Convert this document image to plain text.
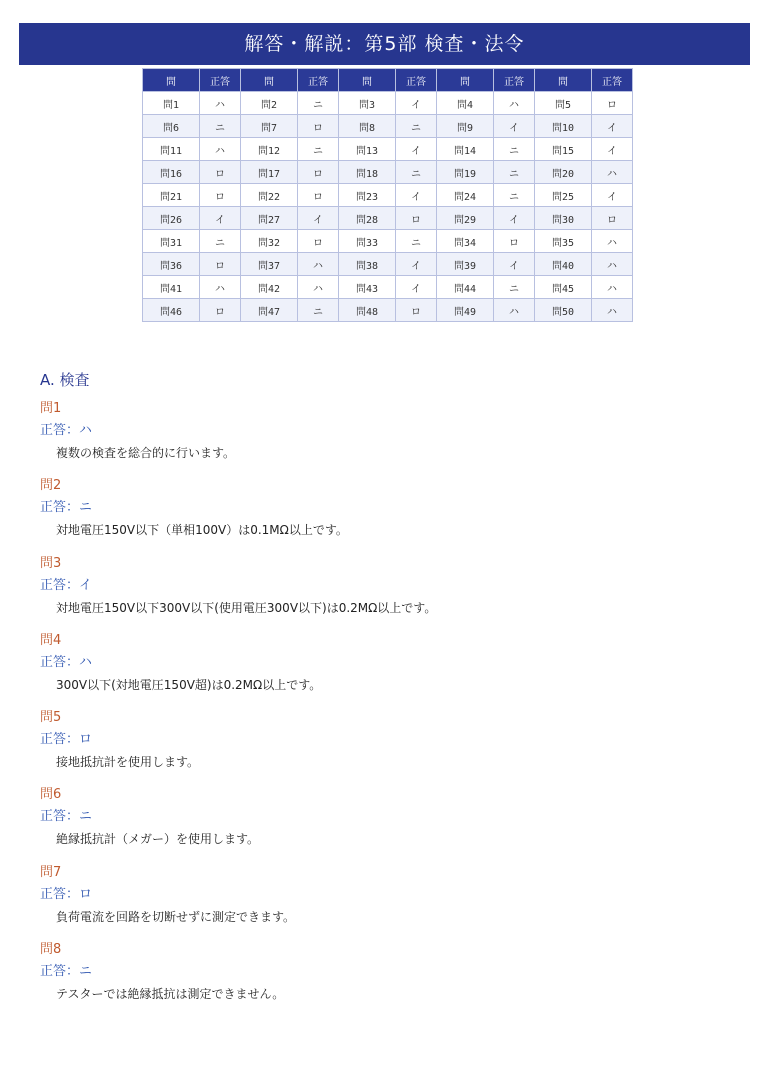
解答・解説：第5部 検査・法令
問	正答	問	正答	問	正答	問	正答	問	正答
問1	ハ	問2	ニ	問3	イ	問4	ハ	問5	ロ
問6	ニ	問7	ロ	問8	ニ	問9	イ	問10	イ
問11	ハ	問12	ニ	問13	イ	問14	ニ	問15	イ
問16	ロ	問17	ロ	問18	ニ	問19	ニ	問20	ハ
問21	ロ	問22	ロ	問23	イ	問24	ニ	問25	イ
問26	イ	問27	イ	問28	ロ	問29	イ	問30	ロ
問31	ニ	問32	ロ	問33	ニ	問34	ロ	問35	ハ
問36	ロ	問37	ハ	問38	イ	問39	イ	問40	ハ
問41	ハ	問42	ハ	問43	イ	問44	ニ	問45	ハ
問46	ロ	問47	ニ	問48	ロ	問49	ハ	問50	ハ
A. 検査
問1
正答：ハ
複数の検査を総合的に行います。
問2
正答：ニ
対地電圧150V以下（単相100V）は0.1MΩ以上です。
問3
正答：イ
対地電圧150V以下300V以下(使用電圧300V以下)は0.2MΩ以上です。
問4
正答：ハ
300V以下(対地電圧150V超)は0.2MΩ以上です。
問5
正答：ロ
接地抵抗計を使用します。
問6
正答：ニ
絶縁抵抗計（メガー）を使用します。
問7
正答：ロ
負荷電流を回路を切断せずに測定できます。
問8
正答：ニ
テスターでは絶縁抵抗は測定できません。
